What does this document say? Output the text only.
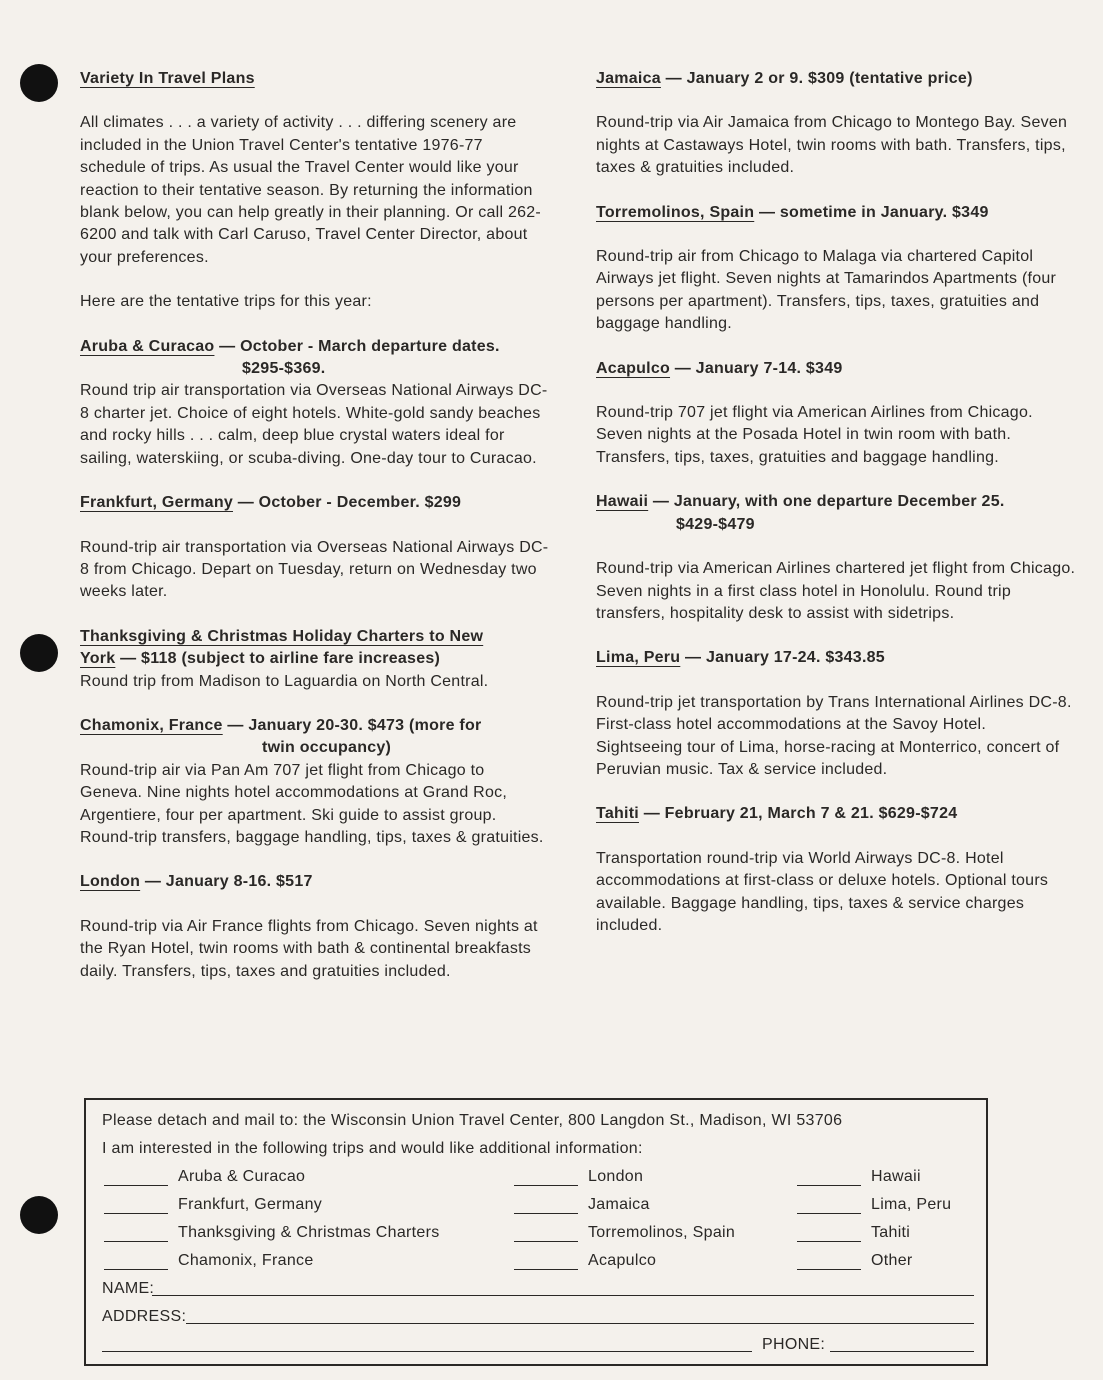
Variety In Travel Plans

All climates . . . a variety of activity . . . differing scenery are included in the Union Travel Center's tentative 1976-77 schedule of trips. As usual the Travel Center would like your reaction to their tentative season. By returning the information blank below, you can help greatly in their planning. Or call 262-6200 and talk with Carl Caruso, Travel Center Director, about your preferences.

Here are the tentative trips for this year:

Aruba & Curacao — October - March departure dates.

$295-$369.

Round trip air transportation via Overseas National Airways DC-8 charter jet. Choice of eight hotels. White-gold sandy beaches and rocky hills . . . calm, deep blue crystal waters ideal for sailing, waterskiing, or scuba-diving. One-day tour to Curacao.

Frankfurt, Germany — October - December. $299

Round-trip air transportation via Overseas National Airways DC-8 from Chicago. Depart on Tuesday, return on Wednesday two weeks later.

Thanksgiving & Christmas Holiday Charters to New

York — $118 (subject to airline fare increases)

Round trip from Madison to Laguardia on North Central.

Chamonix, France — January 20-30. $473 (more for

twin occupancy)

Round-trip air via Pan Am 707 jet flight from Chicago to Geneva. Nine nights hotel accommodations at Grand Roc, Argentiere, four per apartment. Ski guide to assist group. Round-trip transfers, baggage handling, tips, taxes & gratuities.

London — January 8-16. $517

Round-trip via Air France flights from Chicago. Seven nights at the Ryan Hotel, twin rooms with bath & continental breakfasts daily. Transfers, tips, taxes and gratuities included.

Jamaica — January 2 or 9. $309 (tentative price)

Round-trip via Air Jamaica from Chicago to Montego Bay. Seven nights at Castaways Hotel, twin rooms with bath. Transfers, tips, taxes & gratuities included.

Torremolinos, Spain — sometime in January. $349

Round-trip air from Chicago to Malaga via chartered Capitol Airways jet flight. Seven nights at Tamarindos Apartments (four persons per apartment). Transfers, tips, taxes, gratuities and baggage handling.

Acapulco — January 7-14. $349

Round-trip 707 jet flight via American Airlines from Chicago. Seven nights at the Posada Hotel in twin room with bath. Transfers, tips, taxes, gratuities and baggage handling.

Hawaii — January, with one departure December 25.

$429-$479

Round-trip via American Airlines chartered jet flight from Chicago. Seven nights in a first class hotel in Honolulu. Round trip transfers, hospitality desk to assist with sidetrips.

Lima, Peru — January 17-24. $343.85

Round-trip jet transportation by Trans International Airlines DC-8. First-class hotel accommodations at the Savoy Hotel. Sightseeing tour of Lima, horse-racing at Monterrico, concert of Peruvian music. Tax & service included.

Tahiti — February 21, March 7 & 21. $629-$724

Transportation round-trip via World Airways DC-8. Hotel accommodations at first-class or deluxe hotels. Optional tours available. Baggage handling, tips, taxes & service charges included.

Please detach and mail to: the Wisconsin Union Travel Center, 800 Langdon St., Madison, WI 53706
I am interested in the following trips and would like additional information:
Aruba & Curacao
Frankfurt, Germany
Thanksgiving & Christmas Charters
Chamonix, France
London
Jamaica
Torremolinos, Spain
Acapulco
Hawaii
Lima, Peru
Tahiti
Other
NAME:
ADDRESS:
PHONE:
